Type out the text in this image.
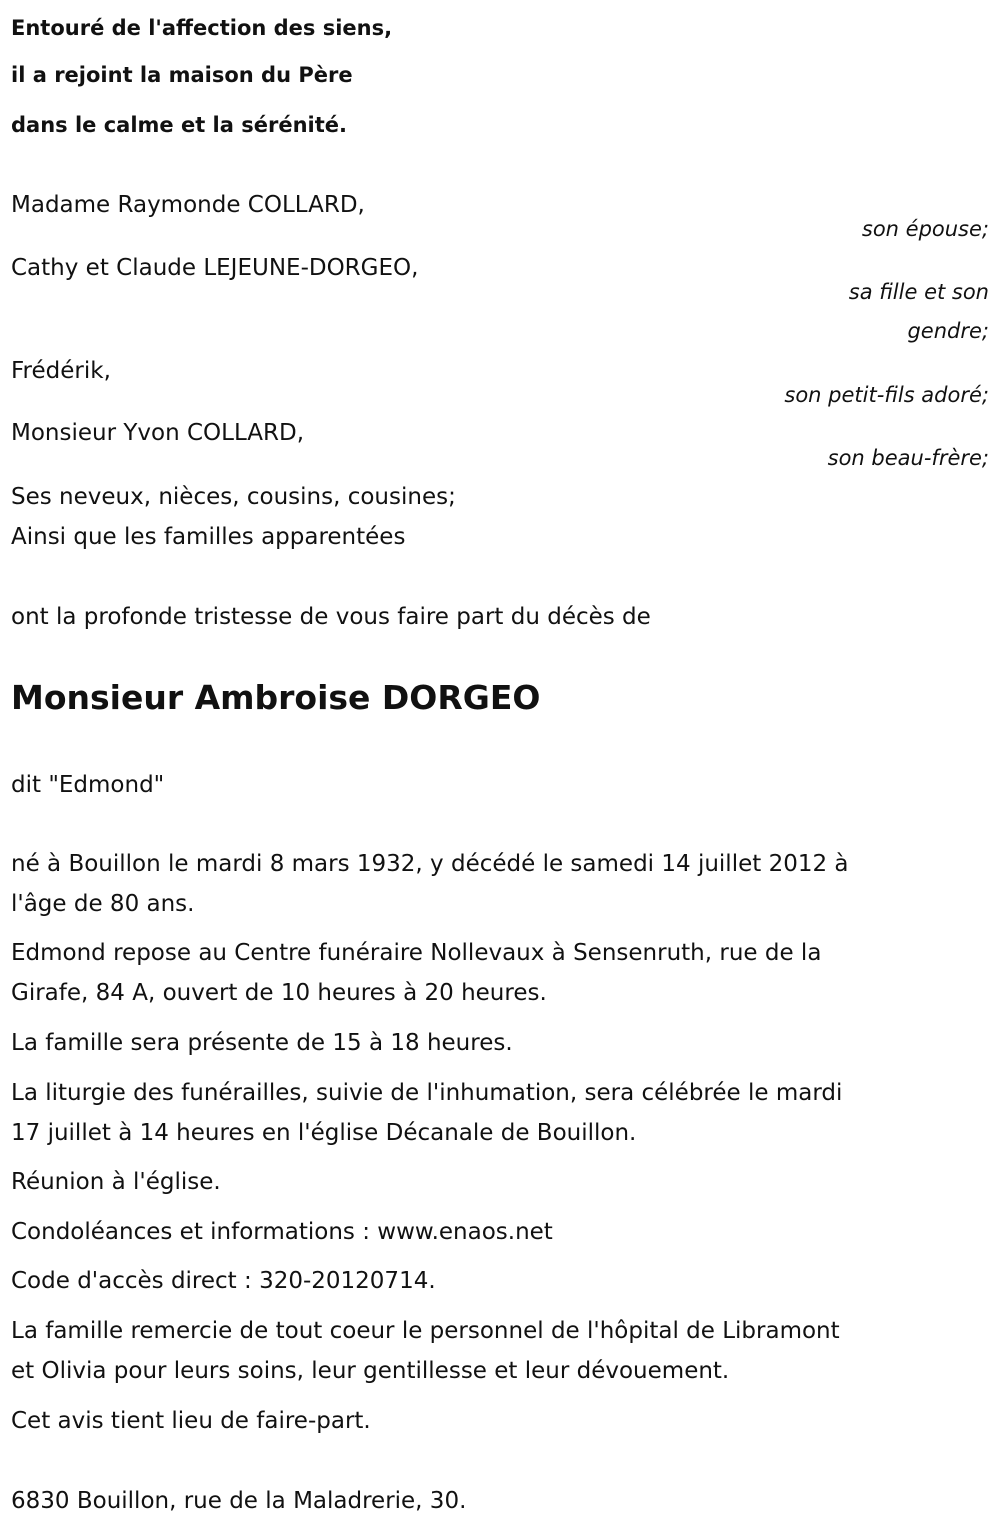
Entouré de l'affection des siens,
il a rejoint la maison du Père
dans le calme et la sérénité.
Madame Raymonde COLLARD,
son épouse;
Cathy et Claude LEJEUNE-DORGEO,
sa fille et son
gendre;
Frédérik,
son petit-fils adoré;
Monsieur Yvon COLLARD,
son beau-frère;
Ses neveux, nièces, cousins, cousines;
Ainsi que les familles apparentées
ont la profonde tristesse de vous faire part du décès de
Monsieur Ambroise DORGEO
dit "Edmond"
né à Bouillon le mardi 8 mars 1932, y décédé le samedi 14 juillet 2012 à
l'âge de 80 ans.
Edmond repose au Centre funéraire Nollevaux à Sensenruth, rue de la
Girafe, 84 A, ouvert de 10 heures à 20 heures.
La famille sera présente de 15 à 18 heures.
La liturgie des funérailles, suivie de l'inhumation, sera célébrée le mardi
17 juillet à 14 heures en l'église Décanale de Bouillon.
Réunion à l'église.
Condoléances et informations : www.enaos.net
Code d'accès direct : 320-20120714.
La famille remercie de tout coeur le personnel de l'hôpital de Libramont
et Olivia pour leurs soins, leur gentillesse et leur dévouement.
Cet avis tient lieu de faire-part.
6830 Bouillon, rue de la Maladrerie, 30.
